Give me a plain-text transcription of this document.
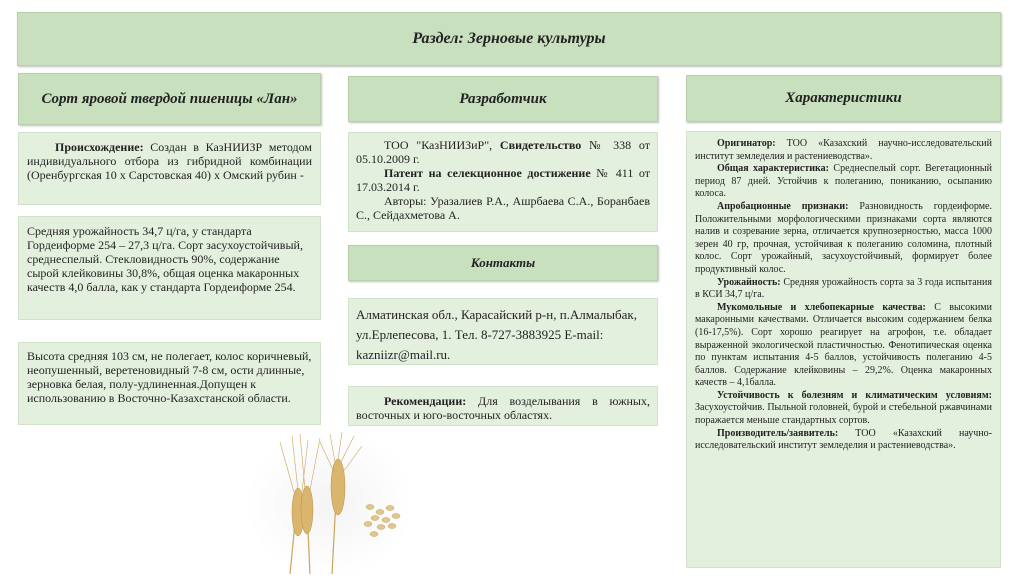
Раздел: Зерновые культуры
Сорт яровой твердой пшеницы «Лан»

Происхождение: Создан в КазНИИЗР методом индивидуального отбора из гибридной комбинации (Оренбургская 10 х Сарстовская 40) х Омский рубин -

Средняя урожайность 34,7 ц/га, у стандарта Гордеиформе 254 – 27,3 ц/га. Сорт засухоустойчивый, среднеспелый. Стекловидность 90%, содержание сырой клейковины 30,8%, общая оценка макаронных качеств 4,0 балла, как у стандарта Гордеиформе 254.

Высота средняя 103 см, не полегает, колос коричневый, неопушенный, веретеновидный 7-8 см, ости длинные, зерновка белая, полу-удлиненная.Допущен к использованию в Восточно-Казахстанской области.

Разработчик

ТОО "КазНИИЗиР", Свидетельство № 338 от 05.10.2009 г.

Патент на селекционное достижение № 411 от 17.03.2014 г.

Авторы: Уразалиев Р.А., Ашрбаева С.А., Боранбаев С., Сейдахметова А.

Контакты

Алматинская обл., Карасайский р-н, п.Алмалыбак, ул.Ерлепесова, 1. Тел. 8-727-3883925 E-mail: kazniizr@mail.ru.

Рекомендации: Для возделывания в южных, восточных и юго-восточных областях.

Характеристики

Оригинатор: ТОО «Казахский научно-исследовательский институт земледелия и растениеводства».

Общая характеристика: Среднеспелый сорт. Вегетационный период 87 дней. Устойчив к полеганию, пониканию, осыпанию колоса.

Апробационные признаки: Разновидность гордеиформе. Положительными морфологическими признаками сорта являются налив и созревание зерна, отличается крупнозерностью, масса 1000 зерен 40 гр, прочная, устойчивая к полеганию соломина, плотный колос. Сорт урожайный, засухоустойчивый, формирует более продуктивный колос.

Урожайность: Средняя урожайность сорта за 3 года испытания в КСИ 34,7 ц/га.

Мукомольные и хлебопекарные качества: С высокими макаронными качествами. Отличается высоким содержанием белка (16-17,5%). Сорт хорошо реагирует на агрофон, т.е. обладает выраженной экологической пластичностью. Фенотипическая оценка по пунктам испытания 4-5 баллов, устойчивость полеганию 4-5 баллов. Содержание клейковины – 29,2%. Оценка макаронных качеств – 4,1балла.

Устойчивость к болезням и климатическим условиям: Засухоустойчив. Пыльной головней, бурой и стебельной ржавчинами поражается меньше стандартных сортов.

Производитель/заявитель: ТОО «Казахский научно-исследовательский институт земледелия и растениеводства».
